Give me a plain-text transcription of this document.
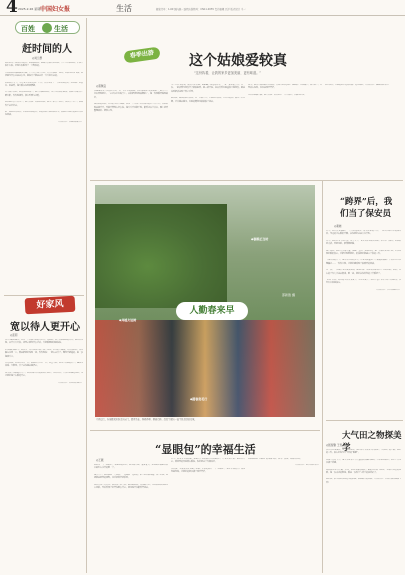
4 2025.2.26 星期三
中国妇女报	生活	邮发代号：1-69 国内统一连续出版物号：CN11-0055 责任编辑 汪洋 版式设计 王一
百姓	生活
赶时间的人
◎刘兰群

我们家有个特别着急的人，那就是我妈。她做什么都要赶时间，早上五点就起床，忙完早饭忙午饭，好像生怕耽误了一分钟似的。

小时候我总嫌她催得太紧，上学要早到半小时，出门要提前一刻钟，吃饭也吃得飞快。我问她为什么总是这么急，她说日子就是这样一天天赶出来的。

后来我长大了，离开家去外地读书、工作，慢慢也成了一个赶时间的人。赶地铁、赶会议、赶进度，每天都在和时间赛跑。

去年春节回家，我发现妈妈变了。她不再催我起床，也不急着收拾碗筷，而是坐在阳台上晒太阳，慢慢地择菜，偶尔哼两句老歌。

我问她怎么不着急了，她笑着说：以前赶时间，是为了把日子过好；现在日子好了，就该慢下来好好过。

那一刻我忽然明白，原来赶时间的人，赶的从来不是时间本身，而是心里想要的那份安稳和幸福。

（作者单位：河南省洛阳市）

好家风
宽以待人更开心
◎张莉

在大多数家庭里，总有一个人是大家的主心骨。在我家，这个人就是我的婆婆。她待人宽厚，从不斤斤计较，邻里之间有什么矛盾，大家都愿意找她说说。

记得刚结婚那年，我因为一件小事和小姑子闹了别扭，心里很不痛快。婆婆知道后，没有偏向任何一方，而是把我们叫到一起，慢慢地说：一家人过日子，哪有不磕碰的，退一步海阔天空。

婆婆常说，对别人宽容一点，就是对自己好一点。这些年来，我也学着她的样子，遇事多体谅、少抱怨，日子过得越来越舒心。

如今孩子也渐渐长大了，我常常把婆婆的话讲给他听。宽以待人，不仅让家庭更和睦，也让我们每个人都更开心。

（作者单位：山东省济南市）

春季出游	这个姑娘爱较真
“这份执着，让我的家乡更加美丽、更有味道。”
◎蔡佩宜

在湖南省永兴县的乡村里，有一位年轻的姑娘，人们都叫她“较真姑娘”。她大学毕业后回到家乡，一心扑在乡村振兴上，从种植规划到品牌推广，每一件事都要做到最好。

刚回来的时候，村里很多人不理解，觉得一个女孩子放着城里的好工作不要，回来种地是想不开。可她不管别人怎么说，每天天不亮就下地，跟着老农学技术，晚上还要整理资料、研究市场。

为了让村里的农产品卖出好价钱，她跑遍了周边的县市，一家一家地谈合作。有一次，一批货因为包装不合格被退回，她二话不说，连夜带着村民重新分拣包装，硬是按时把货送到了客户手里。

她常说，做事情就要较真，差一点都不行。正是这份较真，让村里的农产品有了好口碑，订单越来越多，村民的腰包也渐渐鼓了起来。

如今，她又开始琢磨乡村旅游，带领大家修步道、建民宿、办采摘节。春天来了，村里游人如织，处处是欢声笑语。

有人问她累不累，她笑着说：看着家乡一天天变好，再累也值得。

这份执着，让她的家乡更加美丽、更有味道。（作者单位：湖南省郴州市）

◆春耕正当时
◆共植友谊树
◆踏春赏花行
邵新胜 摄
人勤春来早
立春过后，各地群众纷纷走出家门，踏青赏花、春耕春种、植树造林，处处呈现出一派生机勃勃的景象。
“跨界”后，我们当了保安员
◎秦晓

去年，我们夫妻俩做了一个大胆的决定：辞去原来的工作，一起去应聘小区的保安员。身边的亲友都很不解，觉得我们这是自讨苦吃。

其实，我们心里早有打算。孩子大了，老人身体也需要照顾，在小区当保安，时间相对灵活，离家也近，能兼顾家庭。

刚上岗时，我们什么都不懂。巡逻、登记、处理纠纷，每一样都要从头学起。好在同事们都很热心，手把手地教我们，很快我们就适应了新的工作。

当保安员的日子，虽然平凡却很充实。帮老人提重物、给快递员指路、半夜帮业主处理漏水……一件件小事，让我们感受到了被需要的幸福。

有一次，一位独居老人突发疾病，是我们第一时间发现并拨打了急救电话。事后，老人的子女专门送来锦旗，那一刻，我们觉得所有的辛苦都值了。

“跨界”之后，我们的生活节奏变了，心态也变了。我们学会了在平凡中寻找意义，在付出中收获快乐。

（作者单位：江苏省南京市）

大气田之物探美学
◎凯智勤 王雪

在四川盆地深处，有一群物探人，他们常年奔波在大山深处，寻找地下的宝藏。他们的工作，被人们称为大气田的“眼睛”。

物探工作很辛苦，每天要背着几十斤重的仪器翻山越岭。可在他们眼里，这份工作也充满了美感。

地震波在地下传播，形成一道道美丽的波纹；数据在屏幕上跳动，勾勒出地层的轮廓。每一次成功的勘探，都是一次科学与美学的完美结合。

他们说，能为国家找到更多的能源，就是最大的幸福。（作者单位：中国石油西南油气田）

“显眼包”的幸福生活
◎王薇

我家有一个“显眼包”，就是我的老公。他性格开朗，爱说爱笑，走到哪里都是人群中最引人注目的那一个。

每天早上，他总是第一个起床，一边做饭一边唱歌，把全家人都叫醒。孩子们说，爸爸就是家里的闹钟，比手机铃声还准时。

周末带孩子出去玩，他比孩子还兴奋，跑在最前面，玩得最开心。有时候我觉得他有点幼稚，可看着孩子们笑得那么开心，我也忍不住跟着笑起来。

去年，我母亲生病住院，他每天下班后都要去医院陪护，给老人讲笑话、逗老人开心。病房里的其他病人都说，你们家这个女婿真好。

有人说，生活需要仪式感；我说，生活更需要一个“显眼包”。他让平淡的日子变得有滋有味，让我们的家充满了欢声笑语。

这就是我家“显眼包”的幸福生活，简单、热闹，却格外温暖。

（作者单位：浙江省杭州市）
